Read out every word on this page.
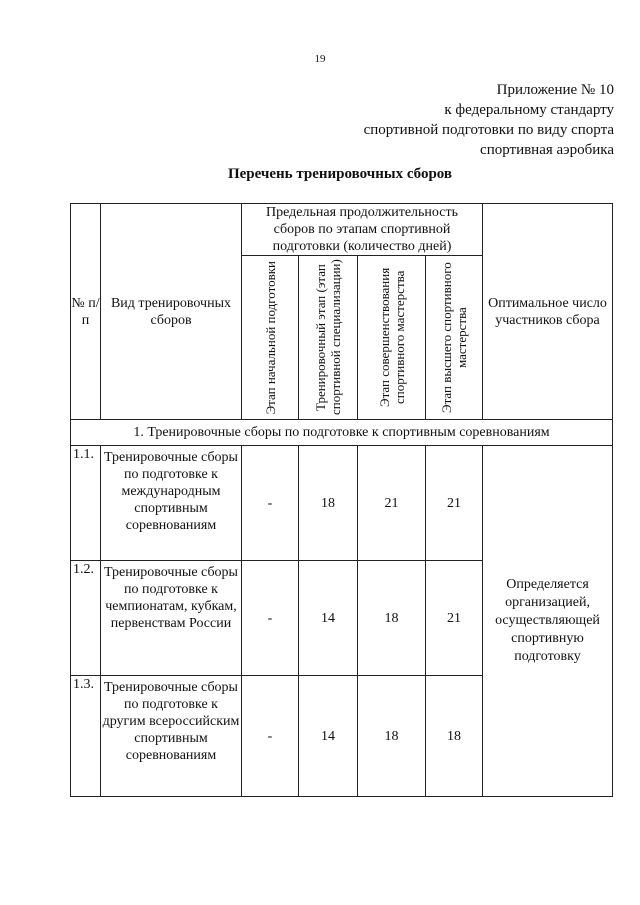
19
Приложение № 10
к федеральному стандарту
спортивной подготовки по виду спорта
спортивная аэробика
Перечень тренировочных сборов
№ п/п	Вид тренировочных сборов	Предельная продолжительность сборов по этапам спортивной подготовки (количество дней)				Оптимальное число участников сбора

		Этап начальной подготовки	Тренировочный этап (этап спортивной специализации)	Этап совершенствования спортивного мастерства	Этап высшего спортивного мастерства	

1. Тренировочные сборы по подготовке к спортивным соревнованиям						
1.1.	Тренировочные сборы по подготовке к международным спортивным соревнованиям	-	18	21	21	Определяется организацией, осуществляющей спортивную подготовку
1.2.	Тренировочные сборы по подготовке к чемпионатам, кубкам, первенствам России	-	14	18	21	
1.3.	Тренировочные сборы по подготовке к другим всероссийским спортивным соревнованиям	-	14	18	18	
